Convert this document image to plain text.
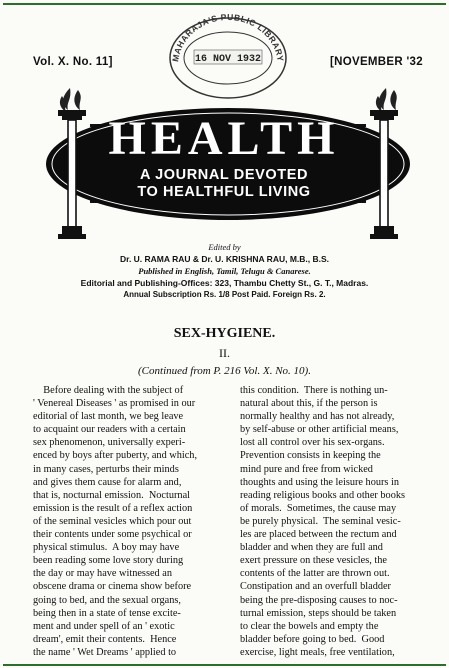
Vol. X. No. 11]	MAHARAJA'S PUBLIC LIBRARY
16 NOV 1932	[NOVEMBER '32
HEALTH
A JOURNAL DEVOTED
TO HEALTHFUL LIVING
Edited by
Dr. U. RAMA RAU & Dr. U. KRISHNA RAU, M.B., B.S.
Published in English, Tamil, Telugu & Canarese.
Editorial and Publishing-Offices: 323, Thambu Chetty St., G. T., Madras.
Annual Subscription Rs. 1/8 Post Paid. Foreign Rs. 2.
SEX-HYGIENE.
II.
(Continued from P. 216 Vol. X. No. 10).

Before dealing with the subject of

' Venereal Diseases ' as promised in our

editorial of last month, we beg leave

to acquaint our readers with a certain

sex phenomenon, universally experi-

enced by boys after puberty, and which,

in many cases, perturbs their minds

and gives them cause for alarm and,

that is, nocturnal emission.  Nocturnal

emission is the result of a reflex action

of the seminal vesicles which pour out

their contents under some psychical or

physical stimulus.  A boy may have

been reading some love story during

the day or may have witnessed an

obscene drama or cinema show before

going to bed, and the sexual organs,

being then in a state of tense excite-

ment and under spell of an ' exotic

dream', emit their contents.  Hence

the name ' Wet Dreams ' applied to

this condition.  There is nothing un-

natural about this, if the person is

normally healthy and has not already,

by self-abuse or other artificial means,

lost all control over his sex-organs.

Prevention consists in keeping the

mind pure and free from wicked

thoughts and using the leisure hours in

reading religious books and other books

of morals.  Sometimes, the cause may

be purely physical.  The seminal vesic-

les are placed between the rectum and

bladder and when they are full and

exert pressure on these vesicles, the

contents of the latter are thrown out.

Constipation and an overfull bladder

being the pre-disposing causes to noc-

turnal emission, steps should be taken

to clear the bowels and empty the

bladder before going to bed.  Good

exercise, light meals, free ventilation,
